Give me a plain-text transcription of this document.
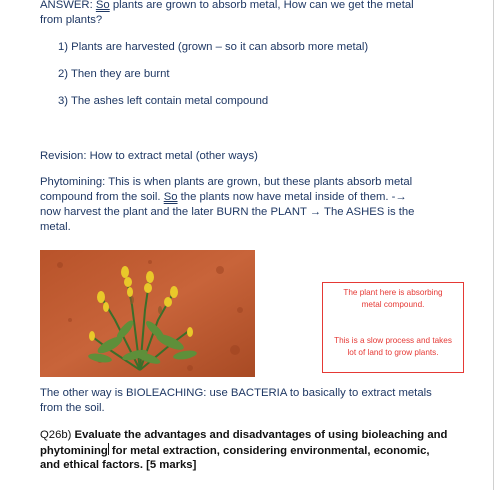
ANSWER: So plants are grown to absorb metal, How can we get the metal
from plants?
1) Plants are harvested (grown – so it can absorb more metal)
2) Then they are burnt
3) The ashes left contain metal compound
Revision: How to extract metal (other ways)
Phytomining: This is when plants are grown, but these plants absorb metal
compound from the soil. So the plants now have metal inside of them. -→
now harvest the plant and the later BURN the PLANT → The ASHES is the
metal.
The plant here is absorbing
metal compound.
This is a slow process and takes
lot of land to grow plants.
The other way is BIOLEACHING: use BACTERIA to basically to extract metals
from the soil.
Q26b) Evaluate the advantages and disadvantages of using bioleaching and
phytomining for metal extraction, considering environmental, economic,
and ethical factors. [5 marks]
